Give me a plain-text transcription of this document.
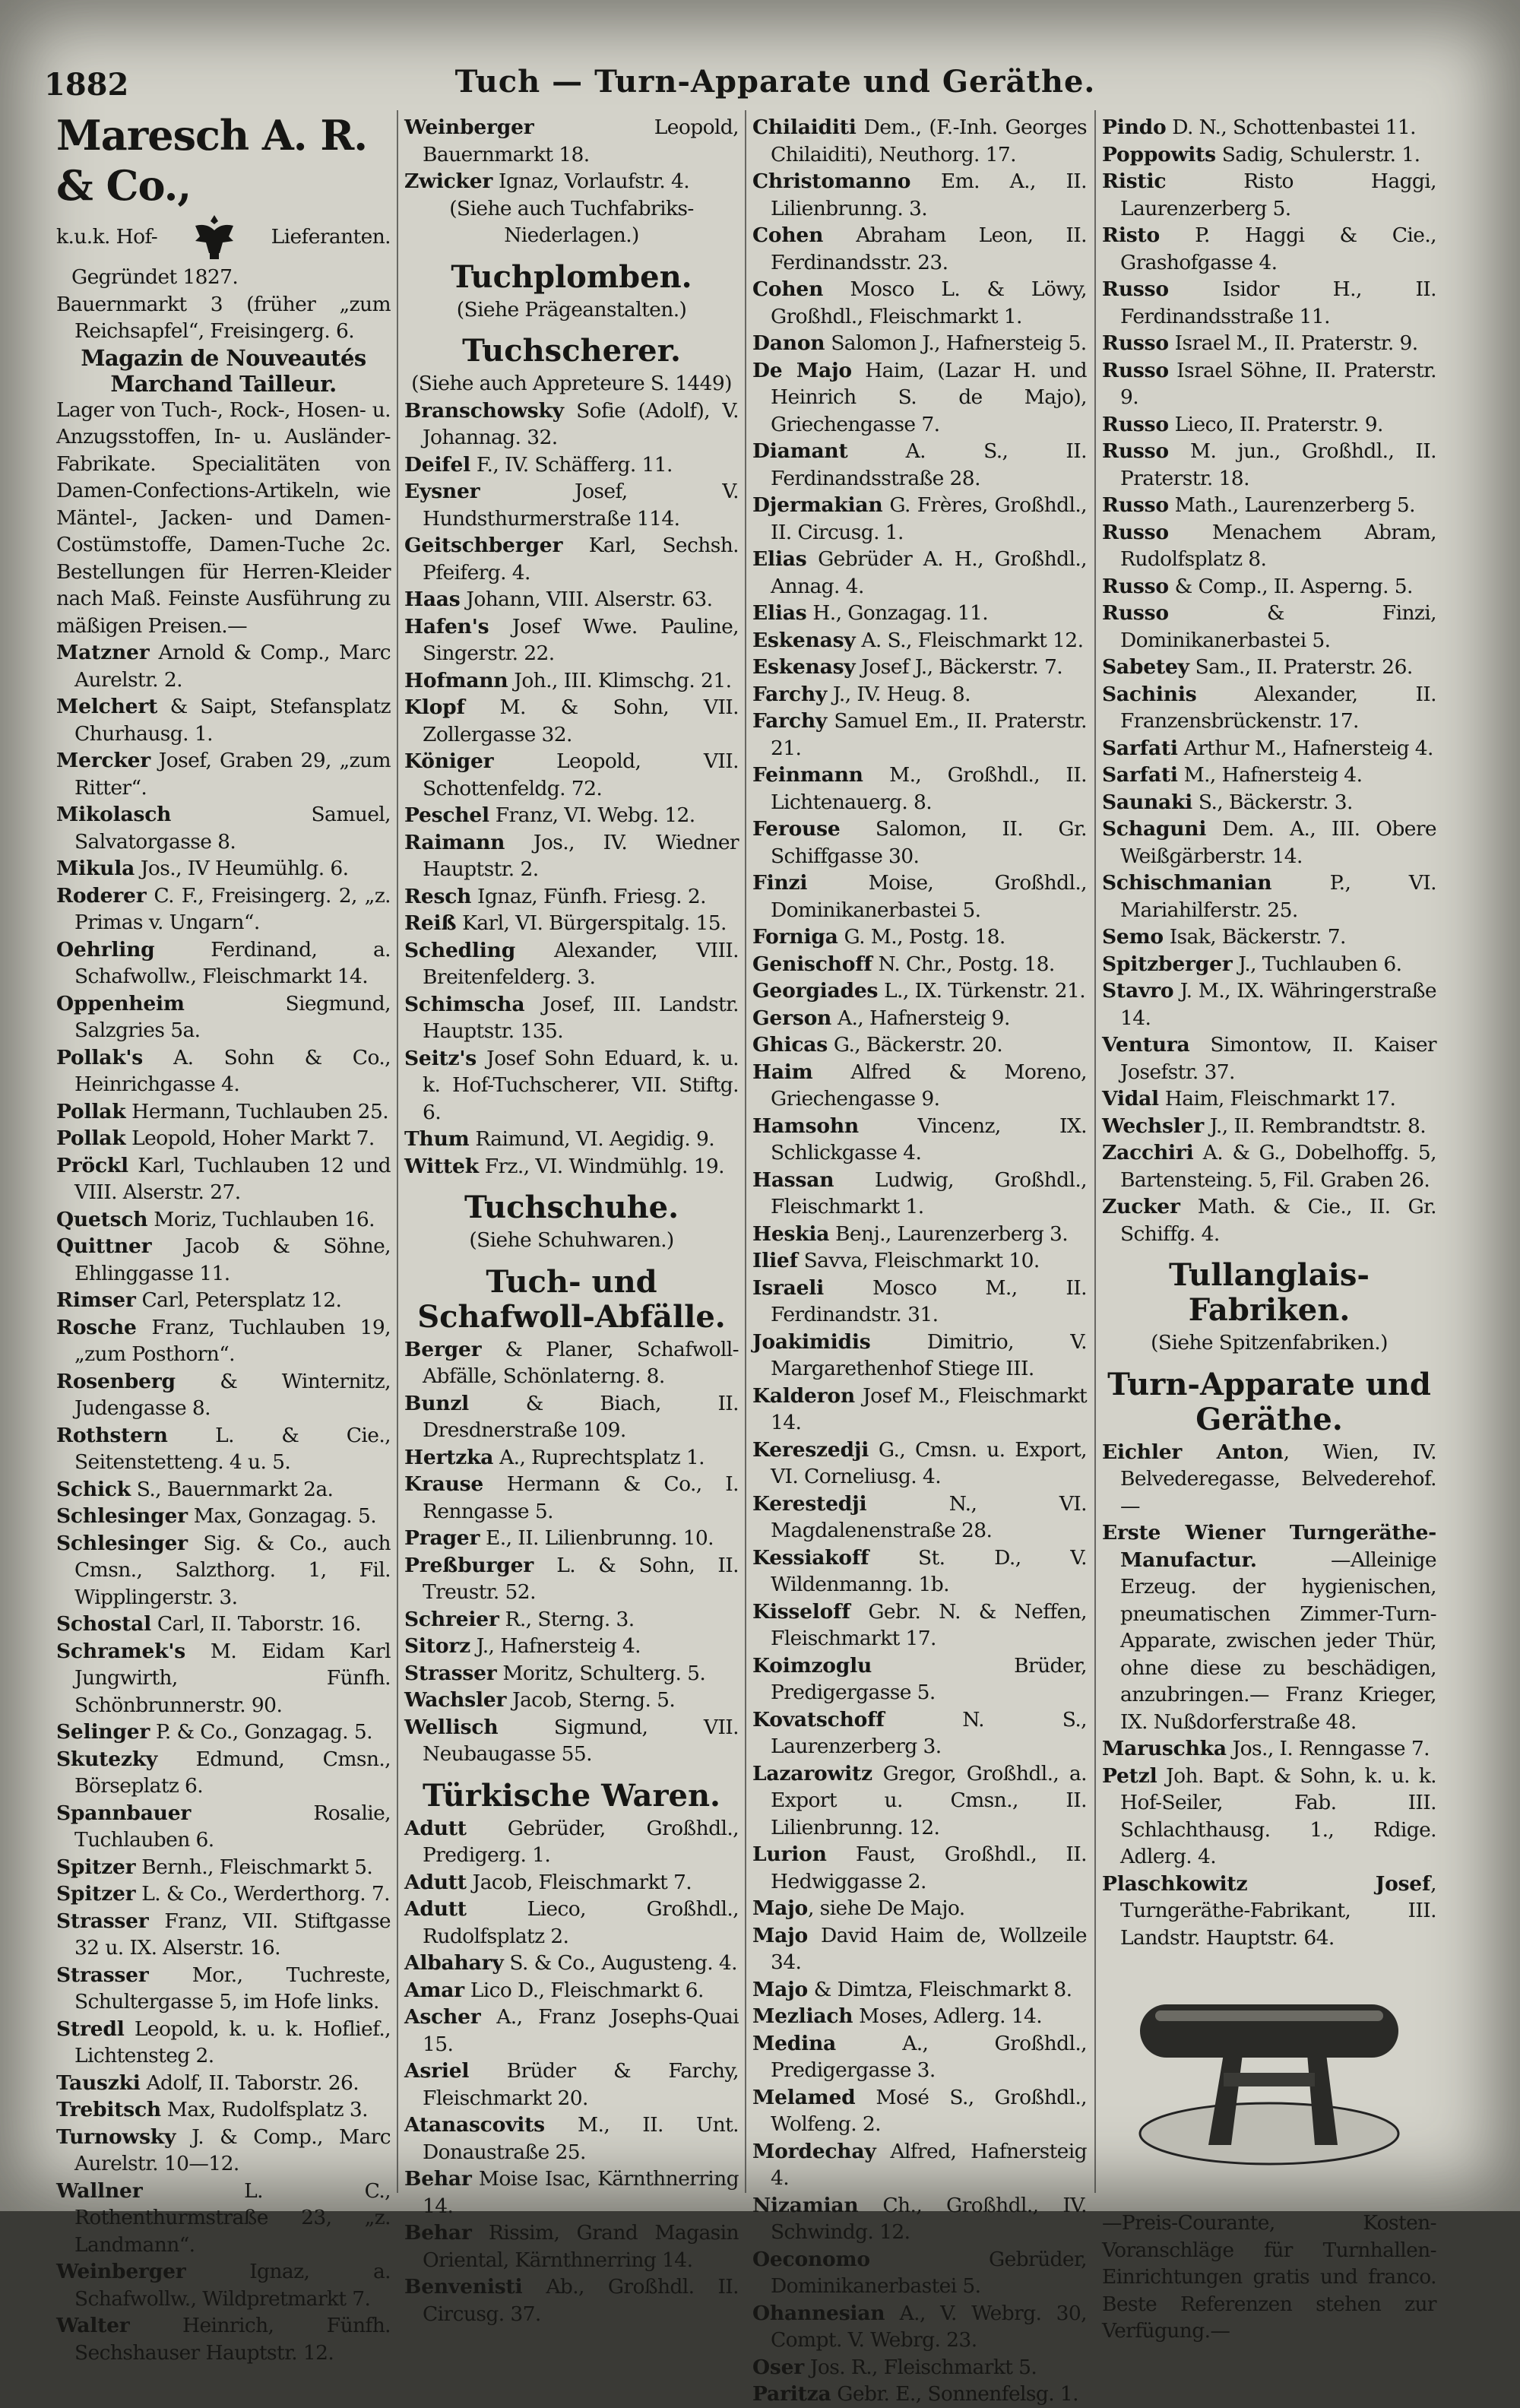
1882	Tuch — Turn-Apparate und Geräthe.
Maresch A. R. & Co.,
k.u.k. Hof-	Lieferanten.
Gegründet 1827.
Bauernmarkt 3 (früher „zum Reichsapfel“, Freisingerg. 6.
Magazin de Nouveautés Marchand Tailleur.
Lager von Tuch-, Rock-, Hosen- u. Anzugsstoffen, In- u. Ausländer-Fabrikate. Specialitäten von Damen-Confections-Artikeln, wie Mäntel-, Jacken- und Damen-Costümstoffe, Damen-Tuche 2c. Bestellungen für Herren-Kleider nach Maß. Feinste Ausführung zu mäßigen Preisen.—
Matzner Arnold & Comp., Marc Aurelstr. 2.
Melchert & Saipt, Stefansplatz Churhausg. 1.
Mercker Josef, Graben 29, „zum Ritter“.
Mikolasch Samuel, Salvatorgasse 8.
Mikula Jos., IV Heumühlg. 6.
Roderer C. F., Freisingerg. 2, „z. Primas v. Ungarn“.
Oehrling Ferdinand, a. Schafwollw., Fleischmarkt 14.
Oppenheim Siegmund, Salzgries 5a.
Pollak's A. Sohn & Co., Heinrichgasse 4.
Pollak Hermann, Tuchlauben 25.
Pollak Leopold, Hoher Markt 7.
Pröckl Karl, Tuchlauben 12 und VIII. Alserstr. 27.
Quetsch Moriz, Tuchlauben 16.
Quittner Jacob & Söhne, Ehlinggasse 11.
Rimser Carl, Petersplatz 12.
Rosche Franz, Tuchlauben 19, „zum Posthorn“.
Rosenberg & Winternitz, Judengasse 8.
Rothstern L. & Cie., Seitenstetteng. 4 u. 5.
Schick S., Bauernmarkt 2a.
Schlesinger Max, Gonzagag. 5.
Schlesinger Sig. & Co., auch Cmsn., Salzthorg. 1, Fil. Wipplingerstr. 3.
Schostal Carl, II. Taborstr. 16.
Schramek's M. Eidam Karl Jungwirth, Fünfh. Schönbrunnerstr. 90.
Selinger P. & Co., Gonzagag. 5.
Skutezky Edmund, Cmsn., Börseplatz 6.
Spannbauer Rosalie, Tuchlauben 6.
Spitzer Bernh., Fleischmarkt 5.
Spitzer L. & Co., Werderthorg. 7.
Strasser Franz, VII. Stiftgasse 32 u. IX. Alserstr. 16.
Strasser Mor., Tuchreste, Schultergasse 5, im Hofe links.
Stredl Leopold, k. u. k. Hoflief., Lichtensteg 2.
Tauszki Adolf, II. Taborstr. 26.
Trebitsch Max, Rudolfsplatz 3.
Turnowsky J. & Comp., Marc Aurelstr. 10—12.
Wallner L. C., Rothenthurmstraße 23, „z. Landmann“.
Weinberger Ignaz, a. Schafwollw., Wildpretmarkt 7.
Walter Heinrich, Fünfh. Sechshauser Hauptstr. 12.
Weinberger Leopold, Bauernmarkt 18.
Zwicker Ignaz, Vorlaufstr. 4.
(Siehe auch Tuchfabriks-Niederlagen.)
Tuchplomben.
(Siehe Prägeanstalten.)
Tuchscherer.
(Siehe auch Appreteure S. 1449)
Branschowsky Sofie (Adolf), V. Johannag. 32.
Deifel F., IV. Schäfferg. 11.
Eysner Josef, V. Hundsthurmerstraße 114.
Geitschberger Karl, Sechsh. Pfeiferg. 4.
Haas Johann, VIII. Alserstr. 63.
Hafen's Josef Wwe. Pauline, Singerstr. 22.
Hofmann Joh., III. Klimschg. 21.
Klopf M. & Sohn, VII. Zollergasse 32.
Königer Leopold, VII. Schottenfeldg. 72.
Peschel Franz, VI. Webg. 12.
Raimann Jos., IV. Wiedner Hauptstr. 2.
Resch Ignaz, Fünfh. Friesg. 2.
Reiß Karl, VI. Bürgerspitalg. 15.
Schedling Alexander, VIII. Breitenfelderg. 3.
Schimscha Josef, III. Landstr. Hauptstr. 135.
Seitz's Josef Sohn Eduard, k. u. k. Hof-Tuchscherer, VII. Stiftg. 6.
Thum Raimund, VI. Aegidig. 9.
Wittek Frz., VI. Windmühlg. 19.
Tuchschuhe.
(Siehe Schuhwaren.)
Tuch- und Schafwoll-Abfälle.
Berger & Planer, Schafwoll-Abfälle, Schönlaterng. 8.
Bunzl & Biach, II. Dresdnerstraße 109.
Hertzka A., Ruprechtsplatz 1.
Krause Hermann & Co., I. Renngasse 5.
Prager E., II. Lilienbrunng. 10.
Preßburger L. & Sohn, II. Treustr. 52.
Schreier R., Sterng. 3.
Sitorz J., Hafnersteig 4.
Strasser Moritz, Schulterg. 5.
Wachsler Jacob, Sterng. 5.
Wellisch Sigmund, VII. Neubaugasse 55.
Türkische Waren.
Adutt Gebrüder, Großhdl., Predigerg. 1.
Adutt Jacob, Fleischmarkt 7.
Adutt Lieco, Großhdl., Rudolfsplatz 2.
Albahary S. & Co., Augusteng. 4.
Amar Lico D., Fleischmarkt 6.
Ascher A., Franz Josephs-Quai 15.
Asriel Brüder & Farchy, Fleischmarkt 20.
Atanascovits M., II. Unt. Donaustraße 25.
Behar Moise Isac, Kärnthnerring 14.
Behar Rissim, Grand Magasin Oriental, Kärnthnerring 14.
Benvenisti Ab., Großhdl. II. Circusg. 37.
Chilaiditi Dem., (F.-Inh. Georges Chilaiditi), Neuthorg. 17.
Christomanno Em. A., II. Lilienbrunng. 3.
Cohen Abraham Leon, II. Ferdinandsstr. 23.
Cohen Mosco L. & Löwy, Großhdl., Fleischmarkt 1.
Danon Salomon J., Hafnersteig 5.
De Majo Haim, (Lazar H. und Heinrich S. de Majo), Griechengasse 7.
Diamant A. S., II. Ferdinandsstraße 28.
Djermakian G. Frères, Großhdl., II. Circusg. 1.
Elias Gebrüder A. H., Großhdl., Annag. 4.
Elias H., Gonzagag. 11.
Eskenasy A. S., Fleischmarkt 12.
Eskenasy Josef J., Bäckerstr. 7.
Farchy J., IV. Heug. 8.
Farchy Samuel Em., II. Praterstr. 21.
Feinmann M., Großhdl., II. Lichtenauerg. 8.
Ferouse Salomon, II. Gr. Schiffgasse 30.
Finzi Moise, Großhdl., Dominikanerbastei 5.
Forniga G. M., Postg. 18.
Genischoff N. Chr., Postg. 18.
Georgiades L., IX. Türkenstr. 21.
Gerson A., Hafnersteig 9.
Ghicas G., Bäckerstr. 20.
Haim Alfred & Moreno, Griechengasse 9.
Hamsohn Vincenz, IX. Schlickgasse 4.
Hassan Ludwig, Großhdl., Fleischmarkt 1.
Heskia Benj., Laurenzerberg 3.
Ilief Savva, Fleischmarkt 10.
Israeli Mosco M., II. Ferdinandstr. 31.
Joakimidis Dimitrio, V. Margarethenhof Stiege III.
Kalderon Josef M., Fleischmarkt 14.
Kereszedji G., Cmsn. u. Export, VI. Corneliusg. 4.
Kerestedji N., VI. Magdalenenstraße 28.
Kessiakoff St. D., V. Wildenmanng. 1b.
Kisseloff Gebr. N. & Neffen, Fleischmarkt 17.
Koimzoglu Brüder, Predigergasse 5.
Kovatschoff N. S., Laurenzerberg 3.
Lazarowitz Gregor, Großhdl., a. Export u. Cmsn., II. Lilienbrunng. 12.
Lurion Faust, Großhdl., II. Hedwiggasse 2.
Majo, siehe De Majo.
Majo David Haim de, Wollzeile 34.
Majo & Dimtza, Fleischmarkt 8.
Mezliach Moses, Adlerg. 14.
Medina A., Großhdl., Predigergasse 3.
Melamed Mosé S., Großhdl., Wolfeng. 2.
Mordechay Alfred, Hafnersteig 4.
Nizamian Ch., Großhdl., IV. Schwindg. 12.
Oeconomo Gebrüder, Dominikanerbastei 5.
Ohannesian A., V. Webrg. 30, Compt. V. Webrg. 23.
Oser Jos. R., Fleischmarkt 5.
Paritza Gebr. E., Sonnenfelsg. 1.
Pindo D. N., Schottenbastei 11.
Poppowits Sadig, Schulerstr. 1.
Ristic Risto Haggi, Laurenzerberg 5.
Risto P. Haggi & Cie., Grashofgasse 4.
Russo Isidor H., II. Ferdinandsstraße 11.
Russo Israel M., II. Praterstr. 9.
Russo Israel Söhne, II. Praterstr. 9.
Russo Lieco, II. Praterstr. 9.
Russo M. jun., Großhdl., II. Praterstr. 18.
Russo Math., Laurenzerberg 5.
Russo Menachem Abram, Rudolfsplatz 8.
Russo & Comp., II. Asperng. 5.
Russo & Finzi, Dominikanerbastei 5.
Sabetey Sam., II. Praterstr. 26.
Sachinis Alexander, II. Franzensbrückenstr. 17.
Sarfati Arthur M., Hafnersteig 4.
Sarfati M., Hafnersteig 4.
Saunaki S., Bäckerstr. 3.
Schaguni Dem. A., III. Obere Weißgärberstr. 14.
Schischmanian P., VI. Mariahilferstr. 25.
Semo Isak, Bäckerstr. 7.
Spitzberger J., Tuchlauben 6.
Stavro J. M., IX. Währingerstraße 14.
Ventura Simontow, II. Kaiser Josefstr. 37.
Vidal Haim, Fleischmarkt 17.
Wechsler J., II. Rembrandtstr. 8.
Zacchiri A. & G., Dobelhoffg. 5, Bartensteing. 5, Fil. Graben 26.
Zucker Math. & Cie., II. Gr. Schiffg. 4.
Tullanglais-Fabriken.
(Siehe Spitzenfabriken.)
Turn-Apparate und Geräthe.
Eichler Anton, Wien, IV. Belvederegasse, Belvederehof.—
Erste Wiener Turngeräthe-Manufactur. —Alleinige Erzeug. der hygienischen, pneumatischen Zimmer-Turn-Apparate, zwischen jeder Thür, ohne diese zu beschädigen, anzubringen.— Franz Krieger, IX. Nußdorferstraße 48.
Maruschka Jos., I. Renngasse 7.
Petzl Joh. Bapt. & Sohn, k. u. k. Hof-Seiler, Fab. III. Schlachthausg. 1., Rdige. Adlerg. 4.
Plaschkowitz Josef, Turngeräthe-Fabrikant, III. Landstr. Hauptstr. 64.
—Preis-Courante, Kosten-Voranschläge für Turnhallen-Einrichtungen gratis und franco. Beste Referenzen stehen zur Verfügung.—
